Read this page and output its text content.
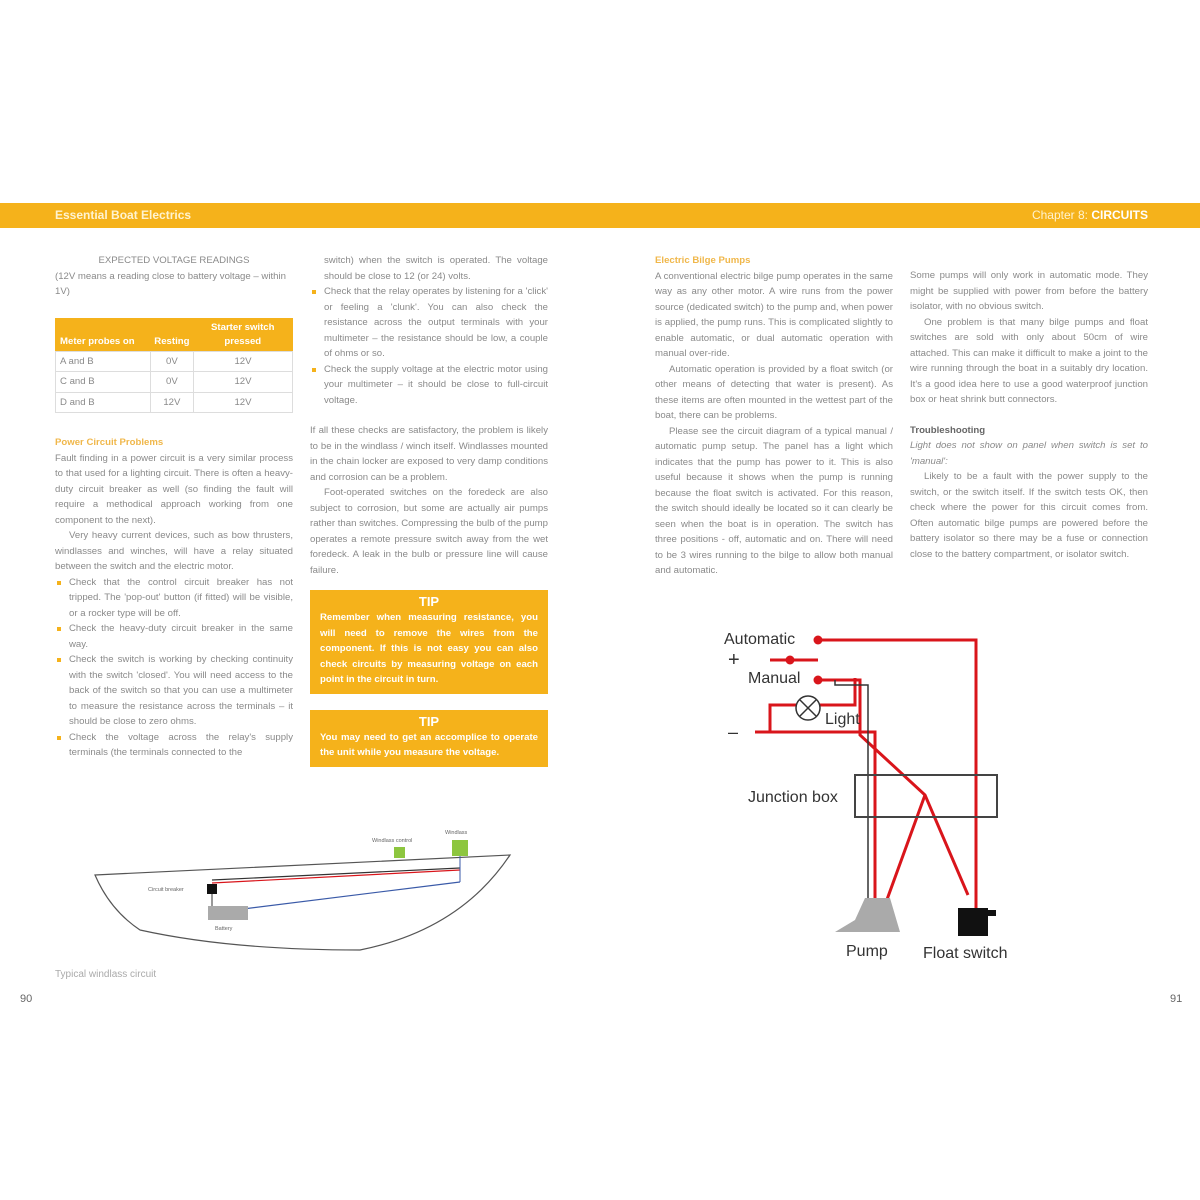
Essential Boat Electrics	Chapter 8: CIRCUITS

EXPECTED VOLTAGE READINGS

(12V means a reading close to battery voltage – within 1V)

Meter probes on	Resting	Starter switch pressed
A and B	0V	12V
C and B	0V	12V
D and B	12V	12V

Power Circuit Problems

Fault finding in a power circuit is a very similar process to that used for a lighting circuit. There is often a heavy-duty circuit breaker as well (so finding the fault will require a methodical approach working from one component to the next).

Very heavy current devices, such as bow thrusters, windlasses and winches, will have a relay situated between the switch and the electric motor.

Check that the control circuit breaker has not tripped. The 'pop-out' button (if fitted) will be visible, or a rocker type will be off.
Check the heavy-duty circuit breaker in the same way.
Check the switch is working by checking continuity with the switch 'closed'. You will need access to the back of the switch so that you can use a multimeter to measure the resistance across the terminals – it should be close to zero ohms.
Check the voltage across the relay's supply terminals (the terminals connected to the

switch) when the switch is operated. The voltage should be close to 12 (or 24) volts.

Check that the relay operates by listening for a 'click' or feeling a 'clunk'. You can also check the resistance across the output terminals with your multimeter – the resistance should be low, a couple of ohms or so.
Check the supply voltage at the electric motor using your multimeter – it should be close to full-circuit voltage.

If all these checks are satisfactory, the problem is likely to be in the windlass / winch itself. Windlasses mounted in the chain locker are exposed to very damp conditions and corrosion can be a problem.

Foot-operated switches on the foredeck are also subject to corrosion, but some are actually air pumps rather than switches. Compressing the bulb of the pump operates a remote pressure switch away from the wet foredeck. A leak in the bulb or pressure line will cause failure.

TIP

Remember when measuring resistance, you will need to remove the wires from the component. If this is not easy you can also check circuits by measuring voltage on each point in the circuit in turn.

TIP

You may need to get an accomplice to operate the unit while you measure the voltage.

Windlass control
Windlass
Circuit breaker
Battery
Typical windlass circuit
90

Electric Bilge Pumps

A conventional electric bilge pump operates in the same way as any other motor. A wire runs from the power source (dedicated switch) to the pump and, when power is applied, the pump runs. This is complicated slightly to enable automatic, or dual automatic operation with manual over-ride.

Automatic operation is provided by a float switch (or other means of detecting that water is present). As these items are often mounted in the wettest part of the boat, there can be problems.

Please see the circuit diagram of a typical manual / automatic pump setup. The panel has a light which indicates that the pump has power to it. This is also useful because it shows when the pump is running because the float switch is activated. For this reason, the switch should ideally be located so it can clearly be seen when the boat is in operation. The switch has three positions - off, automatic and on. There will need to be 3 wires running to the bilge to allow both manual and automatic.

Some pumps will only work in automatic mode. They might be supplied with power from before the battery isolator, with no obvious switch.

One problem is that many bilge pumps and float switches are sold with only about 50cm of wire attached. This can make it difficult to make a joint to the wire running through the boat in a suitably dry location. It's a good idea here to use a good waterproof junction box or heat shrink butt connectors.

Troubleshooting

Light does not show on panel when switch is set to 'manual':

Likely to be a fault with the power supply to the switch, or the switch itself. If the switch tests OK, then check where the power for this circuit comes from. Often automatic bilge pumps are powered before the battery isolator so there may be a fuse or connection close to the battery compartment, or isolator switch.

Automatic
+
Manual
Light
–
Junction box
Pump Float switch
91
